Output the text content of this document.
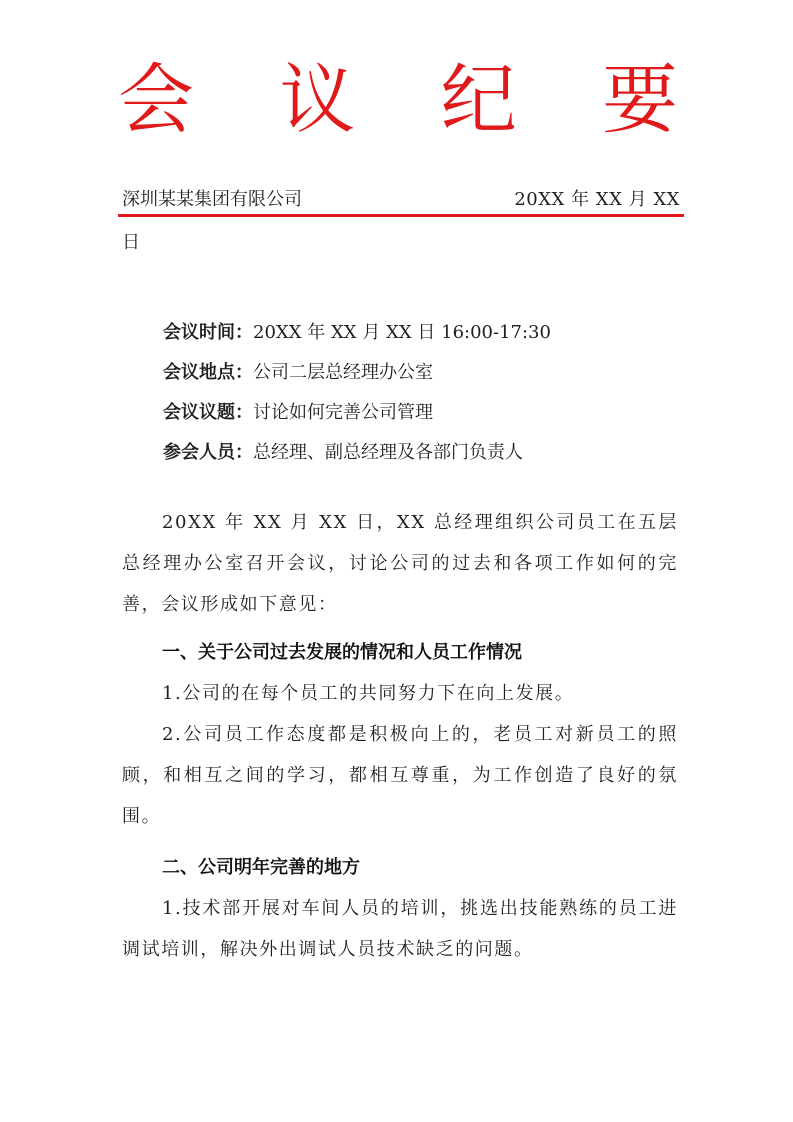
会 议 纪 要
深圳某某集团有限公司	20XX 年 XX 月 XX
日
会议时间：20XX 年 XX 月 XX 日 16:00-17:30
会议地点：公司二层总经理办公室
会议议题：讨论如何完善公司管理
参会人员：总经理、副总经理及各部门负责人

20XX 年 XX 月 XX 日，XX 总经理组织公司员工在五层总经理办公室召开会议，讨论公司的过去和各项工作如何的完善，会议形成如下意见：

一、关于公司过去发展的情况和人员工作情况

1.公司的在每个员工的共同努力下在向上发展。

2.公司员工作态度都是积极向上的，老员工对新员工的照顾，和相互之间的学习，都相互尊重，为工作创造了良好的氛围。

二、公司明年完善的地方

1.技术部开展对车间人员的培训，挑选出技能熟练的员工进调试培训，解决外出调试人员技术缺乏的问题。
